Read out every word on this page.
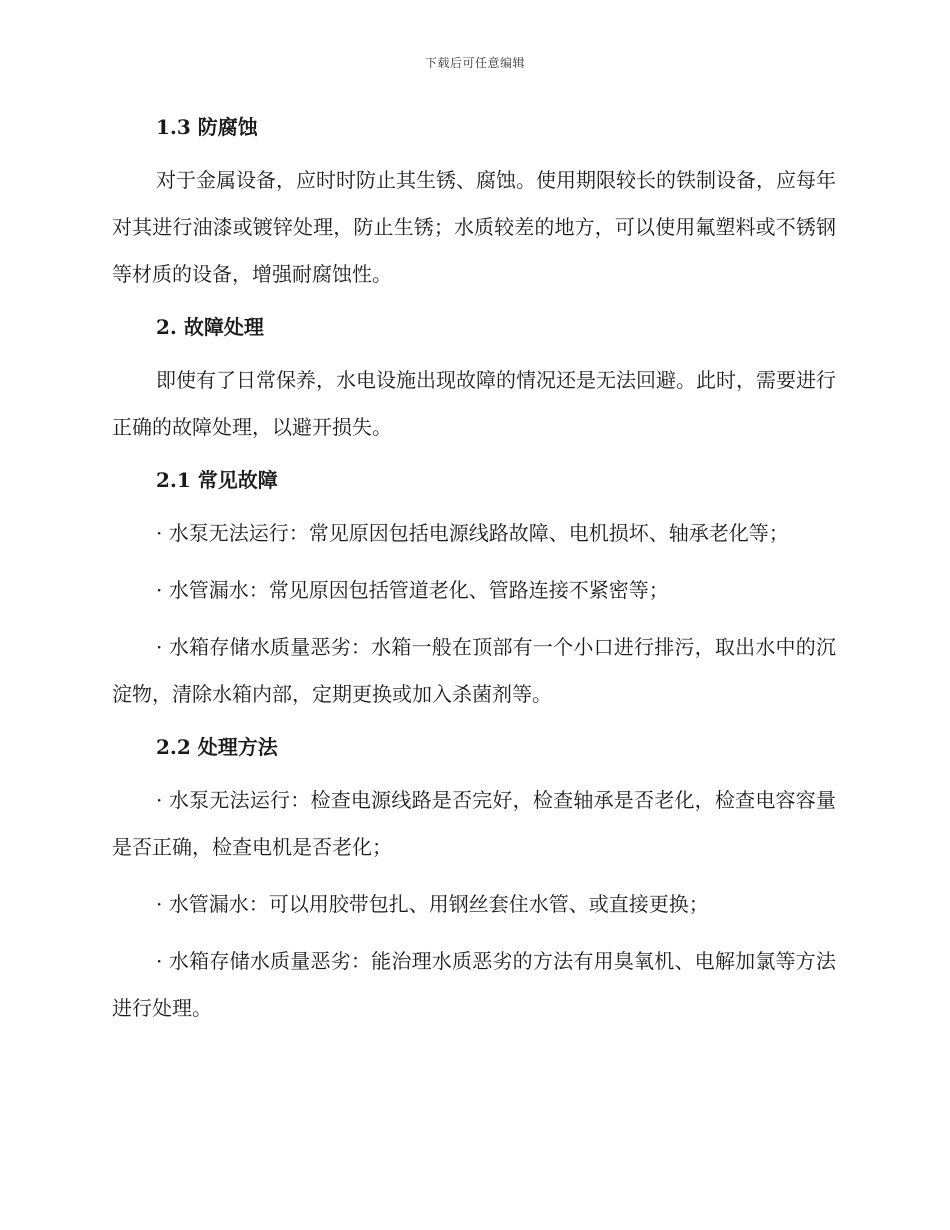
下载后可任意编辑
1.3 防腐蚀

对于金属设备，应时时防止其生锈、腐蚀。使用期限较长的铁制设备，应每年对其进行油漆或镀锌处理，防止生锈；水质较差的地方，可以使用氟塑料或不锈钢等材质的设备，增强耐腐蚀性。

2. 故障处理

即使有了日常保养，水电设施出现故障的情况还是无法回避。此时，需要进行正确的故障处理，以避开损失。

2.1 常见故障

· 水泵无法运行：常见原因包括电源线路故障、电机损坏、轴承老化等；

· 水管漏水：常见原因包括管道老化、管路连接不紧密等；

· 水箱存储水质量恶劣：水箱一般在顶部有一个小口进行排污，取出水中的沉淀物，清除水箱内部，定期更换或加入杀菌剂等。

2.2 处理方法

· 水泵无法运行：检查电源线路是否完好，检查轴承是否老化，检查电容容量是否正确，检查电机是否老化；

· 水管漏水：可以用胶带包扎、用钢丝套住水管、或直接更换；

· 水箱存储水质量恶劣：能治理水质恶劣的方法有用臭氧机、电解加氯等方法进行处理。
